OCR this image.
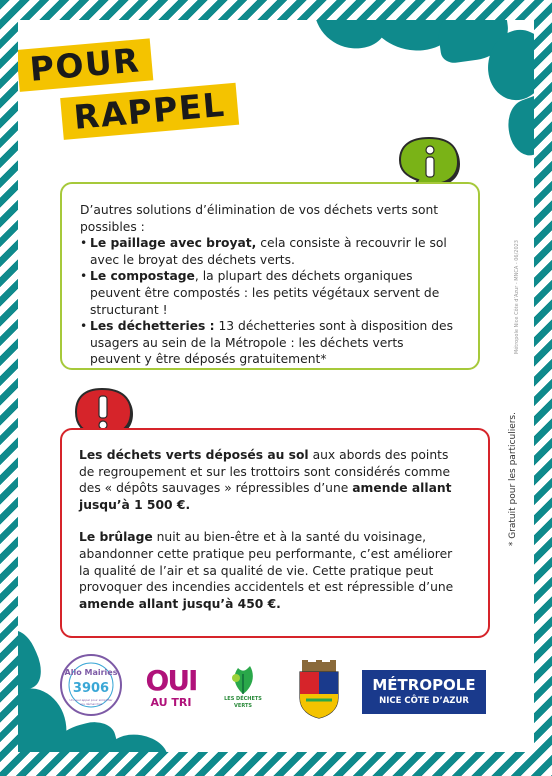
POUR
RAPPEL

D’autres solutions d’élimination de vos déchets verts sont possibles :

• Le paillage avec broyat, cela consiste à recouvrir le sol avec le broyat des déchets verts.

• Le compostage, la plupart des déchets organiques peuvent être compostés : les petits végétaux servent de structurant !

• Les déchetteries : 13 déchetteries sont à disposition des usagers au sein de la Métropole : les déchets verts peuvent y être déposés gratuitement*

Les déchets verts déposés au sol aux abords des points de regroupement et sur les trottoirs sont considérés comme des « dépôts sauvages » répressibles d’une amende allant jusqu’à 1 500 €.

Le brûlage nuit au bien-être et à la santé du voisinage, abandonner cette pratique peu performante, c’est améliorer la qualité de l’air et sa qualité de vie. Cette pratique peut provoquer des incendies accidentels et est répressible d’une amende allant jusqu’à 450 €.

* Gratuit pour les particuliers.
Métropole Nice Côte d’Azur - MNCA - 06/2023
Allo Mairies
3906
Un seul appel pour simplifier vos démarches
OUI
AU TRI	LES DÉCHETS
VERTS
MÉTROPOLE
NICE CÔTE D’AZUR
